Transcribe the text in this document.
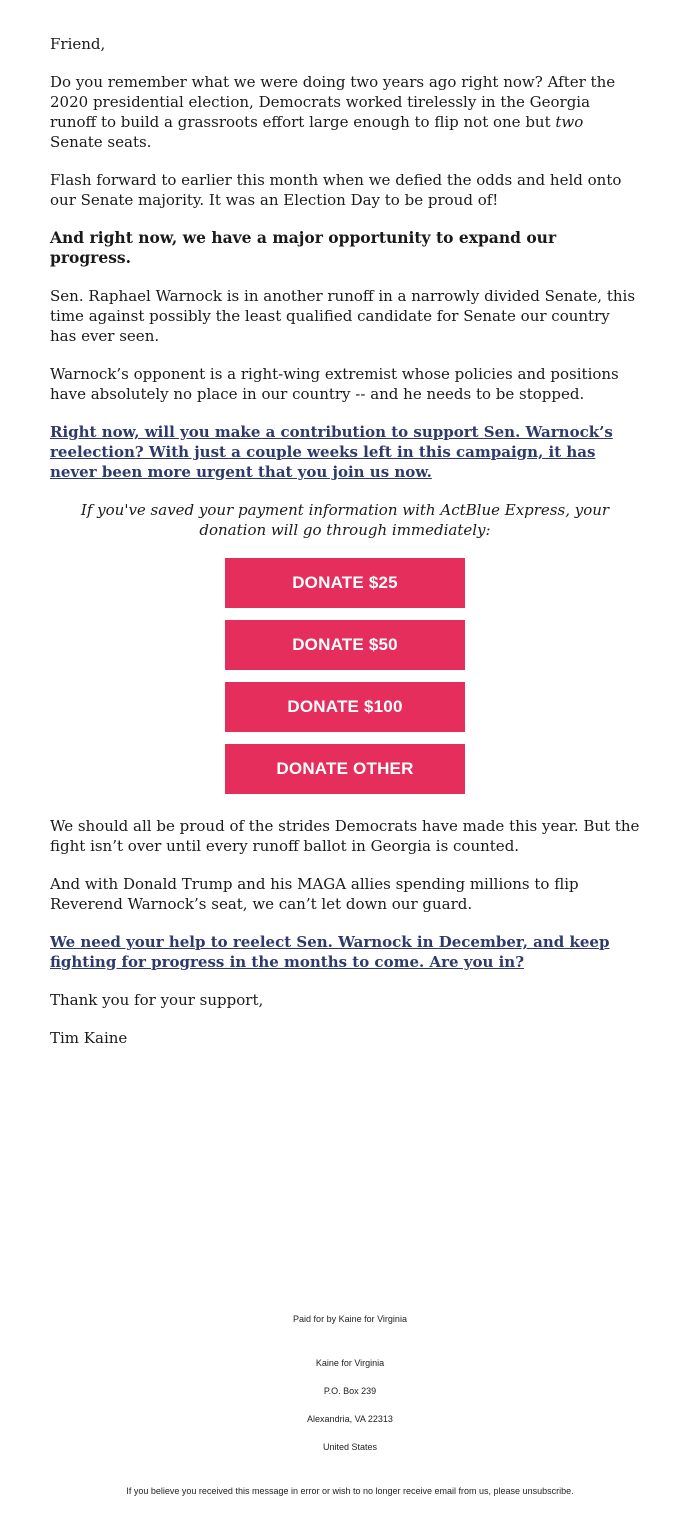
Friend,

Do you remember what we were doing two years ago right now? After the 2020 presidential election, Democrats worked tirelessly in the Georgia runoff to build a grassroots effort large enough to flip not one but two Senate seats.

Flash forward to earlier this month when we defied the odds and held onto our Senate majority. It was an Election Day to be proud of!

And right now, we have a major opportunity to expand our progress.

Sen. Raphael Warnock is in another runoff in a narrowly divided Senate, this time against possibly the least qualified candidate for Senate our country has ever seen.

Warnock’s opponent is a right-wing extremist whose policies and positions have absolutely no place in our country -- and he needs to be stopped.

Right now, will you make a contribution to support Sen. Warnock’s reelection? With just a couple weeks left in this campaign, it has never been more urgent that you join us now.

If you've saved your payment information with ActBlue Express, your donation will go through immediately:

DONATE $25
DONATE $50
DONATE $100
DONATE OTHER

We should all be proud of the strides Democrats have made this year. But the fight isn’t over until every runoff ballot in Georgia is counted.

And with Donald Trump and his MAGA allies spending millions to flip Reverend Warnock’s seat, we can’t let down our guard.

We need your help to reelect Sen. Warnock in December, and keep fighting for progress in the months to come. Are you in?

Thank you for your support,

Tim Kaine

Paid for by Kaine for Virginia
Kaine for Virginia
P.O. Box 239
Alexandria, VA 22313
United States
If you believe you received this message in error or wish to no longer receive email from us, please unsubscribe.
